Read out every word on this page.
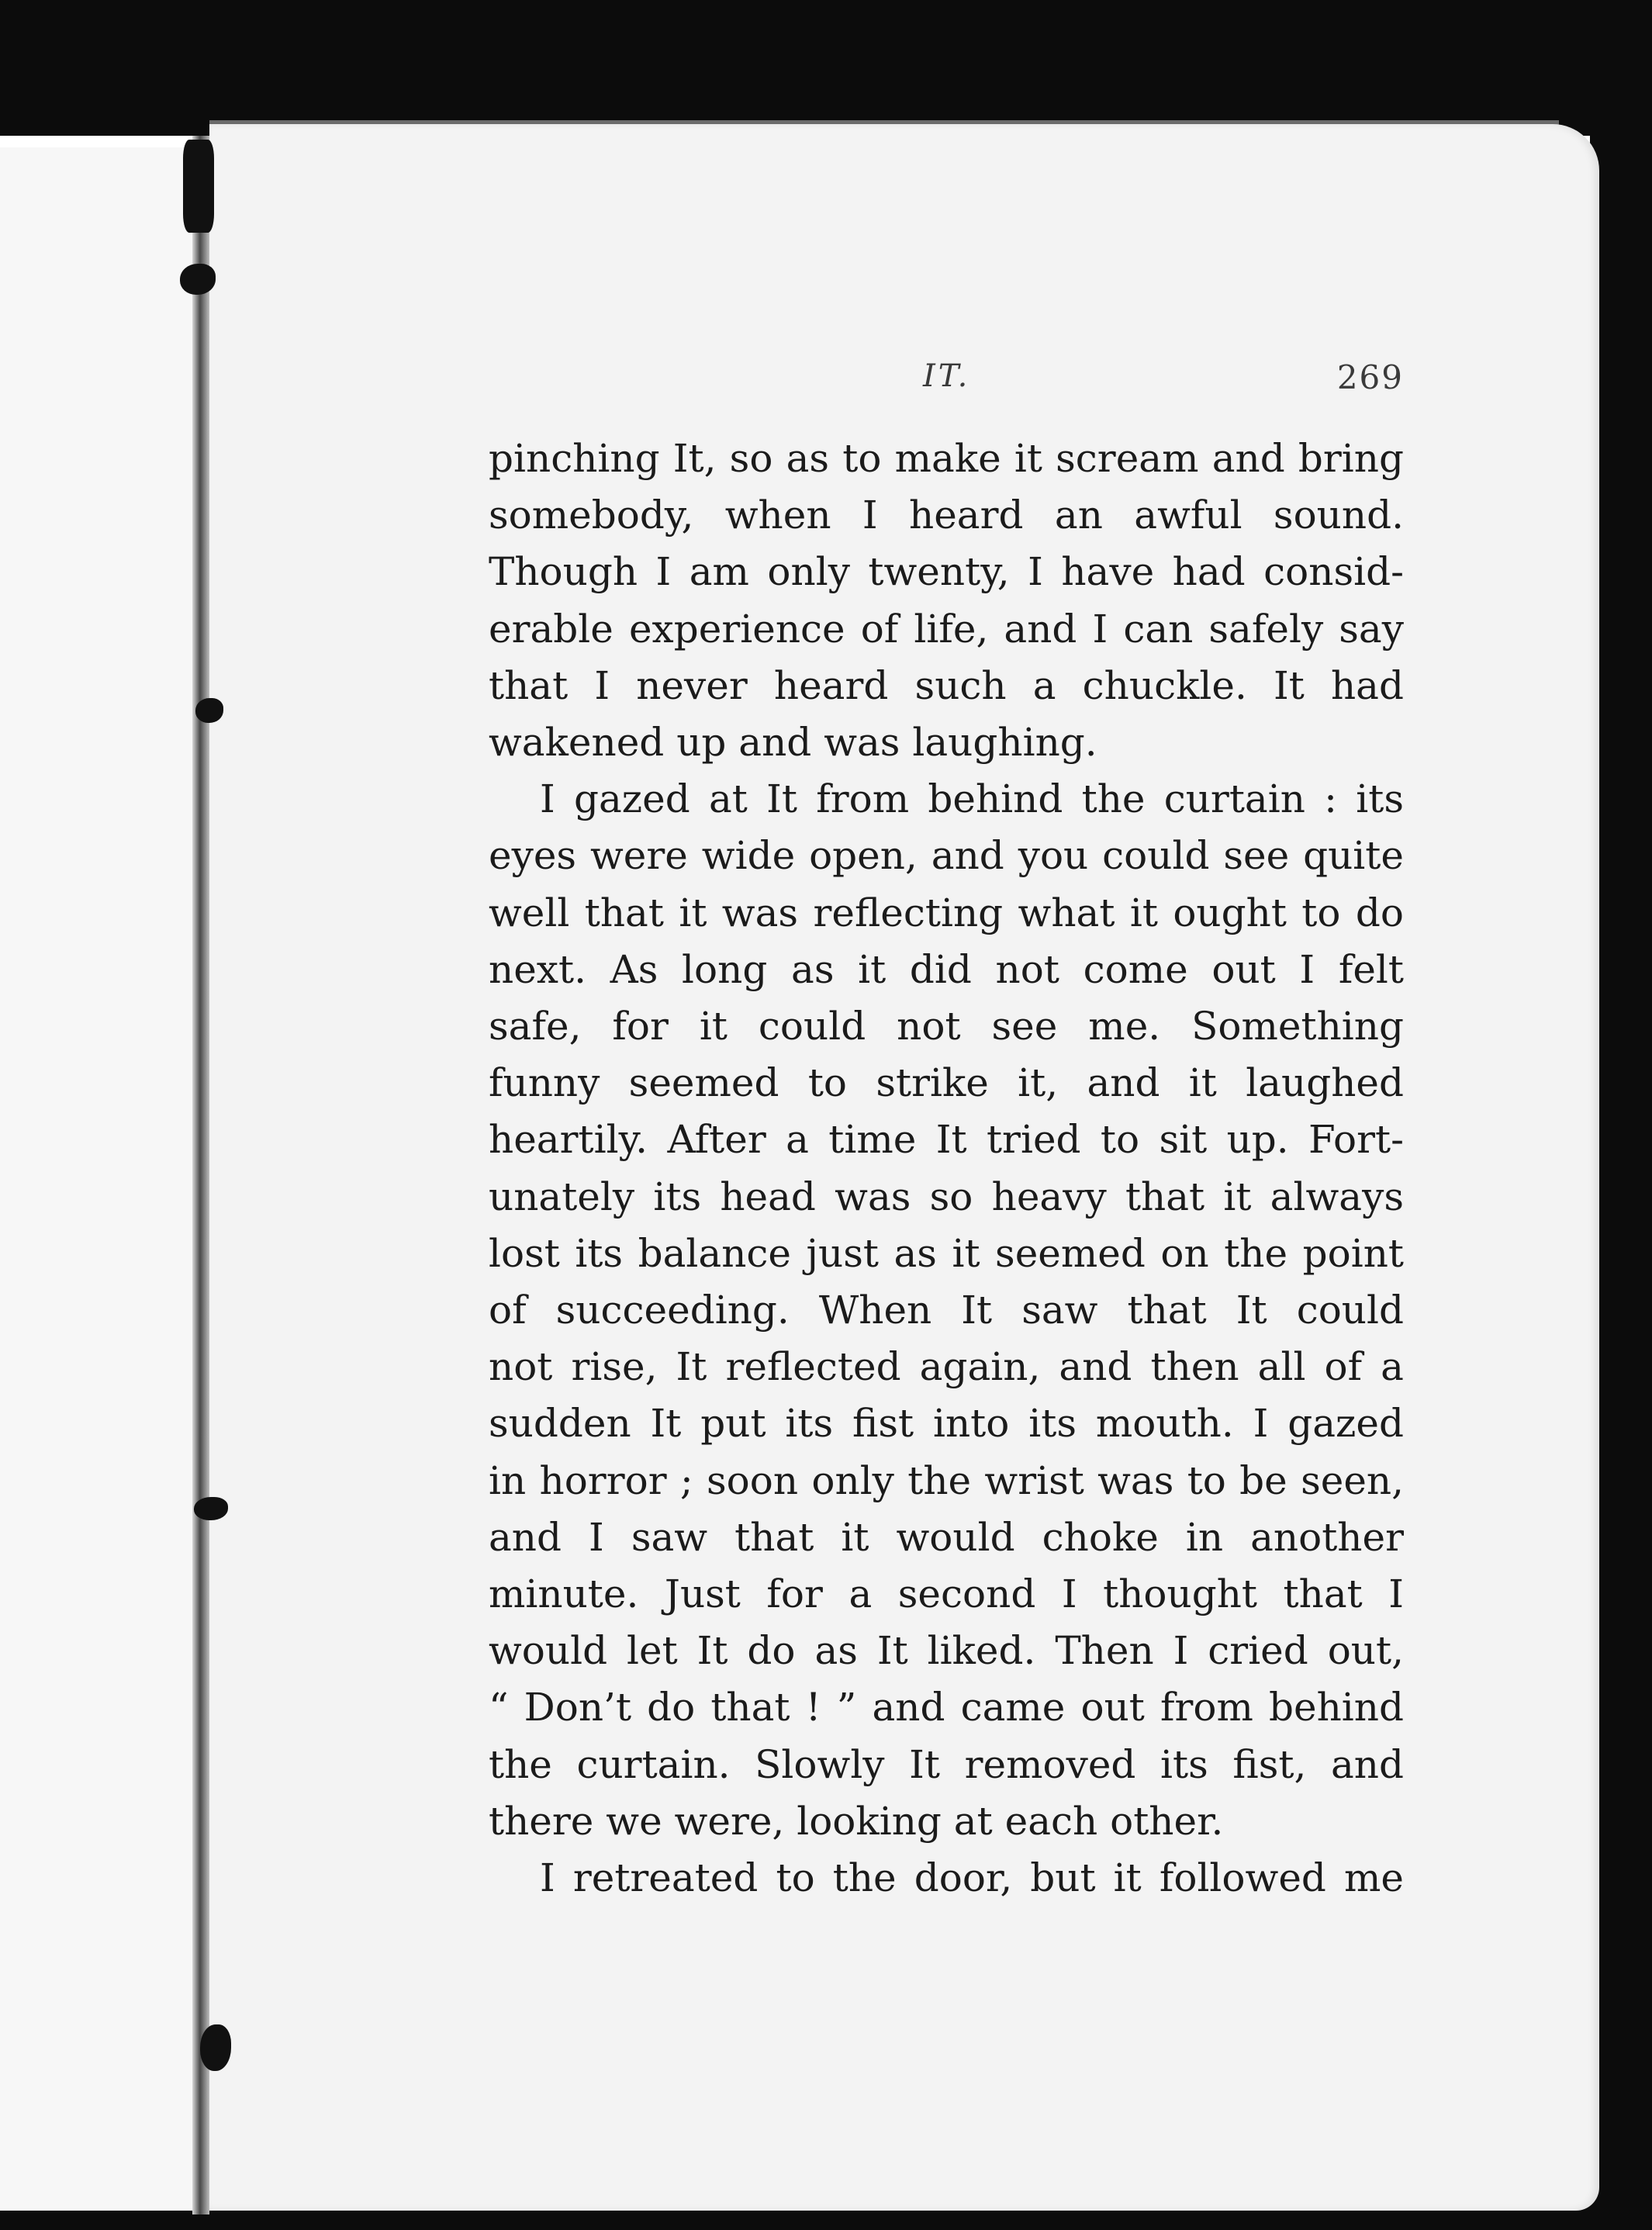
IT.	269

pinching It, so as to make it scream and bring
somebody, when I heard an awful sound.
Though I am only twenty, I have had consid-
erable experience of life, and I can safely say
that I never heard such a chuckle. It had
wakened up and was laughing.

I gazed at It from behind the curtain : its
eyes were wide open, and you could see quite
well that it was reflecting what it ought to do
next. As long as it did not come out I felt
safe, for it could not see me. Something
funny seemed to strike it, and it laughed
heartily. After a time It tried to sit up. Fort-
unately its head was so heavy that it always
lost its balance just as it seemed on the point
of succeeding. When It saw that It could
not rise, It reflected again, and then all of a
sudden It put its fist into its mouth. I gazed
in horror ; soon only the wrist was to be seen,
and I saw that it would choke in another
minute. Just for a second I thought that I
would let It do as It liked. Then I cried out,
“ Don’t do that ! ” and came out from behind
the curtain. Slowly It removed its fist, and
there we were, looking at each other.

I retreated to the door, but it followed me
